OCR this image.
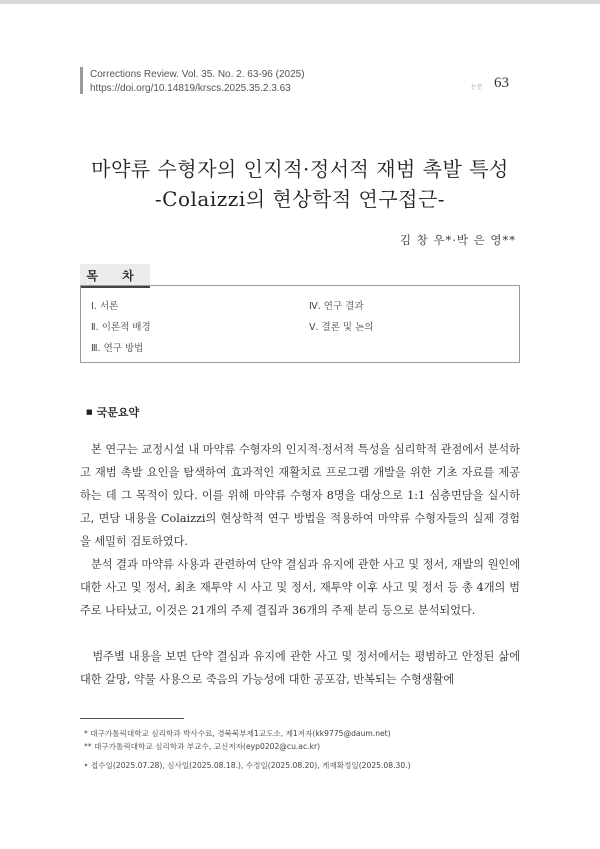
Corrections Review. Vol. 35. No. 2. 63-96 (2025)
https://doi.org/10.14819/krscs.2025.35.2.3.63	논문 63
마약류 수형자의 인지적·정서적 재범 촉발 특성
-Colaizzi의 현상학적 연구접근-
김 창 우*·박 은 영**
목 차
Ⅰ. 서론
Ⅱ. 이론적 배경
Ⅲ. 연구 방법
Ⅳ. 연구 결과
Ⅴ. 결론 및 논의
■ 국문요약

본 연구는 교정시설 내 마약류 수형자의 인지적·정서적 특성을 심리학적 관점에서 분석하고 재범 촉발 요인을 탐색하여 효과적인 재활치료 프로그램 개발을 위한 기초 자료를 제공하는 데 그 목적이 있다. 이를 위해 마약류 수형자 8명을 대상으로 1:1 심층면담을 실시하고, 면담 내용을 Colaizzi의 현상학적 연구 방법을 적용하여 마약류 수형자들의 실제 경험을 세밀히 검토하였다.

분석 결과 마약류 사용과 관련하여 단약 결심과 유지에 관한 사고 및 정서, 재발의 원인에 대한 사고 및 정서, 최초 재투약 시 사고 및 정서, 재투약 이후 사고 및 정서 등 총 4개의 범주로 나타났고, 이것은 21개의 주제 결집과 36개의 주제 분리 등으로 분석되었다.

범주별 내용을 보면 단약 결심과 유지에 관한 사고 및 정서에서는 평범하고 안정된 삶에 대한 갈망, 약물 사용으로 죽음의 가능성에 대한 공포감, 반복되는 수형생활에

* 대구가톨릭대학교 심리학과 박사수료, 경북북부제1교도소, 제1저자(kk9775@daum.net)
** 대구가톨릭대학교 심리학과 부교수, 교신저자(eyp0202@cu.ac.kr)
‣ 접수일(2025.07.28), 심사일(2025.08.18.), 수정일(2025.08.20), 게재확정일(2025.08.30.)
